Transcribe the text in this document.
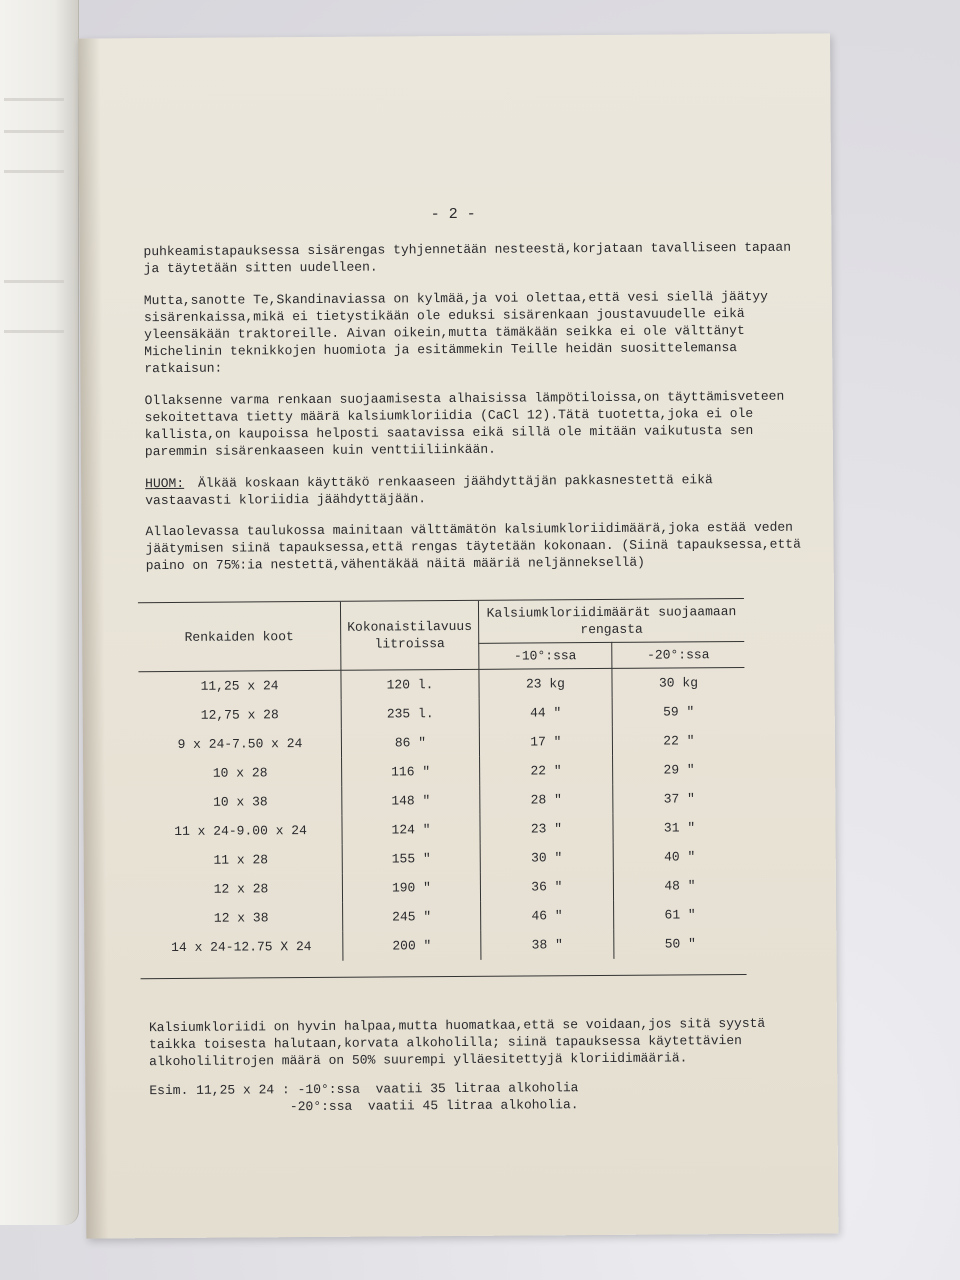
- 2 -

puhkeamistapauksessa sisärengas tyhjennetään nesteestä,korjataan tavalliseen tapaan ja täytetään sitten uudelleen.

Mutta,sanotte Te,Skandinaviassa on kylmää,ja voi olettaa,että vesi siellä jäätyy sisärenkaissa,mikä ei tietystikään ole eduksi sisärenkaan joustavuudelle eikä yleensäkään traktoreille. Aivan oikein,mutta tämäkään seikka ei ole välttänyt Michelinin teknikkojen huomiota ja esitämmekin Teille heidän suosittelemansa ratkaisun:

Ollaksenne varma renkaan suojaamisesta alhaisissa lämpötiloissa,on täyttämisveteen sekoitettava tietty määrä kalsiumkloriidia (CaCl 12).Tätä tuotetta,joka ei ole kallista,on kaupoissa helposti saatavissa eikä sillä ole mitään vaikutusta sen paremmin sisärenkaaseen kuin venttiiliinkään.

HUOM: Älkää koskaan käyttäkö renkaaseen jäähdyttäjän pakkasnestettä eikä vastaavasti kloriidia jäähdyttäjään.

Allaolevassa taulukossa mainitaan välttämätön kalsiumkloriidimäärä,joka estää veden jäätymisen siinä tapauksessa,että rengas täytetään kokonaan. (Siinä tapauksessa,että paino on 75%:ia nestettä,vähentäkää näitä määriä neljänneksellä)

Renkaiden koot	Kokonaistilavuus litroissa	Kalsiumkloriidimäärät suojaamaan rengasta	
		-10°:ssa	-20°:ssa
11,25 x 24	120 l.	23 kg	30 kg
12,75 x 28	235 l.	44 "	59 "
9 x 24-7.50 x 24	86 "	17 "	22 "
10 x 28	116 "	22 "	29 "
10 x 38	148 "	28 "	37 "
11 x 24-9.00 x 24	124 "	23 "	31 "
11 x 28	155 "	30 "	40 "
12 x 28	190 "	36 "	48 "
12 x 38	245 "	46 "	61 "
14 x 24-12.75 X 24	200 "	38 "	50 "

Kalsiumkloriidi on hyvin halpaa,mutta huomatkaa,että se voidaan,jos sitä syystä taikka toisesta halutaan,korvata alkoholilla; siinä tapauksessa käytettävien alkoholilitrojen määrä on 50% suurempi ylläesitettyjä kloriidimääriä.

Esim. 11,25 x 24 : -10°:ssa  vaatii 35 litraa alkoholia
-20°:ssa  vaatii 45 litraa alkoholia.
